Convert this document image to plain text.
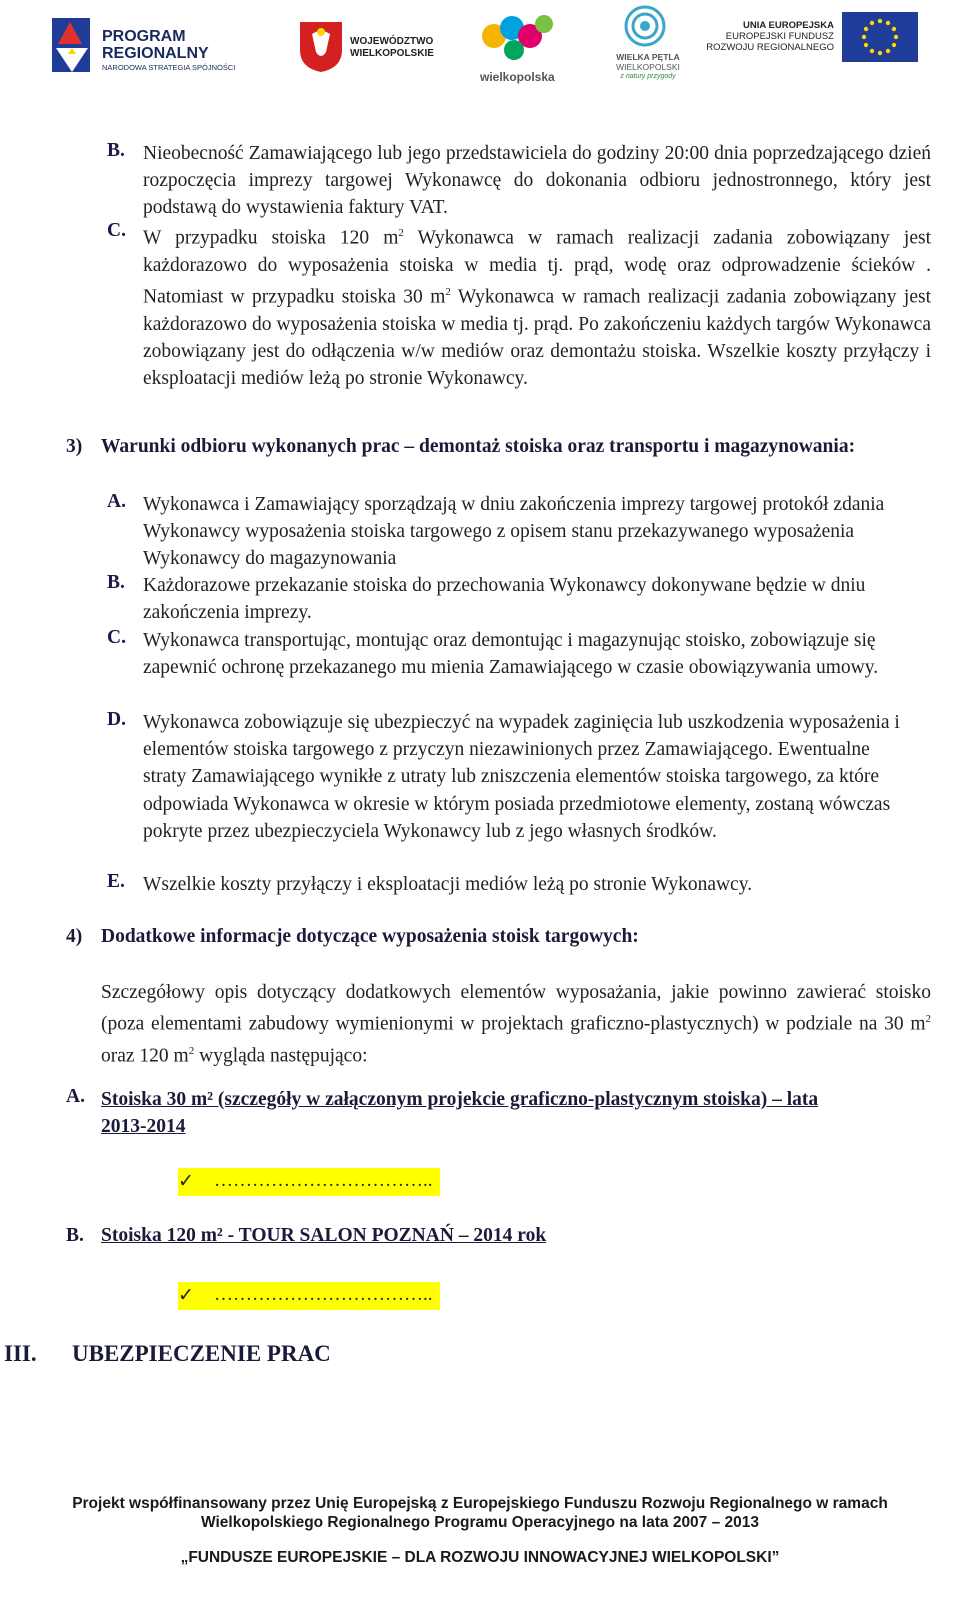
PROGRAM
REGIONALNY
NARODOWA STRATEGIA SPÓJNOŚCI
WOJEWÓDZTWO
WIELKOPOLSKIE
wielkopolska
WIELKA PĘTLA
WIELKOPOLSKI
z natury przygody
UNIA EUROPEJSKA
EUROPEJSKI FUNDUSZ
ROZWOJU REGIONALNEGO
B. Nieobecność Zamawiającego lub jego przedstawiciela do godziny 20:00 dnia poprzedzającego dzień rozpoczęcia imprezy targowej Wykonawcę do dokonania odbioru jednostronnego, który jest podstawą do wystawienia faktury VAT.
C. W przypadku stoiska 120 $m^2$ Wykonawca w ramach realizacji zadania zobowiązany jest każdorazowo do wyposażenia stoiska w media tj. prąd, wodę oraz odprowadzenie ścieków . Natomiast w przypadku stoiska 30 $m^2$ Wykonawca w ramach realizacji zadania zobowiązany jest każdorazowo do wyposażenia stoiska w media tj. prąd. Po zakończeniu każdych targów Wykonawca zobowiązany jest do odłączenia w/w mediów oraz demontażu stoiska. Wszelkie koszty przyłączy i eksploatacji mediów leżą po stronie Wykonawcy.
3) Warunki odbioru wykonanych prac – demontaż stoiska oraz transportu i magazynowania:
A. Wykonawca i Zamawiający sporządzają w dniu zakończenia imprezy targowej protokół zdania Wykonawcy wyposażenia stoiska targowego z opisem stanu przekazywanego wyposażenia Wykonawcy do magazynowania
B. Każdorazowe przekazanie stoiska do przechowania Wykonawcy dokonywane będzie w dniu zakończenia imprezy.
C. Wykonawca transportując, montując oraz demontując i magazynując stoisko, zobowiązuje się zapewnić ochronę przekazanego mu mienia Zamawiającego w czasie obowiązywania umowy.
D. Wykonawca zobowiązuje się ubezpieczyć na wypadek zaginięcia lub uszkodzenia wyposażenia i elementów stoiska targowego z przyczyn niezawinionych przez Zamawiającego. Ewentualne straty Zamawiającego wynikłe z utraty lub zniszczenia elementów stoiska targowego, za które odpowiada Wykonawca w okresie w którym posiada przedmiotowe elementy, zostaną wówczas pokryte przez ubezpieczyciela Wykonawcy lub z jego własnych środków.
E. Wszelkie koszty przyłączy i eksploatacji mediów leżą po stronie Wykonawcy.
4) Dodatkowe informacje dotyczące wyposażenia stoisk targowych:
Szczegółowy opis dotyczący dodatkowych elementów wyposażania, jakie powinno zawierać stoisko (poza elementami zabudowy wymienionymi w projektach graficzno-plastycznych) w podziale na 30 $m^2$ oraz 120 $m^2$ wygląda następująco:
A. Stoiska 30 m² (szczegóły w załączonym projekcie graficzno-plastycznym stoiska) – lata
2013-2014
✓ ……………………………..
B. Stoiska 120 m² - TOUR SALON POZNAŃ – 2014 rok
✓ ……………………………..
III. UBEZPIECZENIE PRAC
Projekt współfinansowany przez Unię Europejską z Europejskiego Funduszu Rozwoju Regionalnego w ramach
Wielkopolskiego Regionalnego Programu Operacyjnego na lata 2007 – 2013
„FUNDUSZE EUROPEJSKIE – DLA ROZWOJU INNOWACYJNEJ WIELKOPOLSKI”
